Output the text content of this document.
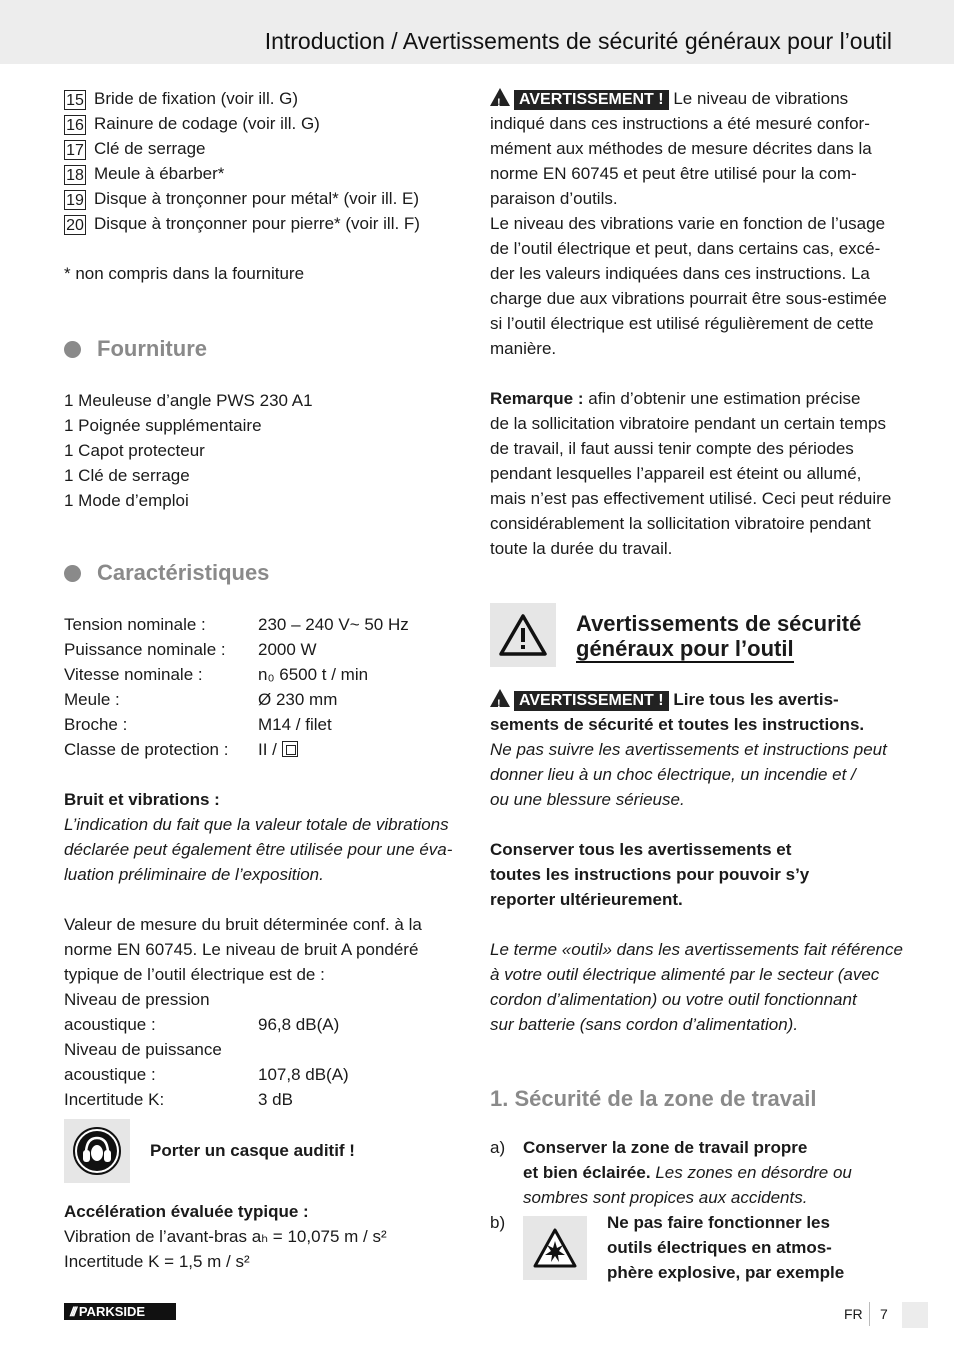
Introduction / Avertissements de sécurité généraux pour l’outil
15 Bride de fixation (voir ill. G)
16 Rainure de codage (voir ill. G)
17 Clé de serrage
18 Meule à ébarber*
19 Disque à tronçonner pour métal* (voir ill. E)
20 Disque à tronçonner pour pierre* (voir ill. F)
* non compris dans la fourniture
Fourniture
1 Meuleuse d’angle PWS 230 A1
1 Poignée supplémentaire
1 Capot protecteur
1 Clé de serrage
1 Mode d’emploi
Caractéristiques
Tension nominale :	230 – 240 V~ 50 Hz
Puissance nominale :	2000 W
Vitesse nominale :	n₀ 6500 t / min
Meule :	Ø 230 mm
Broche :	M14 / filet
Classe de protection :	II /
Bruit et vibrations :
L’indication du fait que la valeur totale de vibrations
déclarée peut également être utilisée pour une éva-
luation préliminaire de l’exposition.
Valeur de mesure du bruit déterminée conf. à la
norme EN 60745. Le niveau de bruit A pondéré
typique de l’outil électrique est de :
Niveau de pression
acoustique :	96,8 dB(A)
Niveau de puissance
acoustique :	107,8 dB(A)
Incertitude K:	3 dB
Porter un casque auditif !
Accélération évaluée typique :
Vibration de l’avant-bras aₕ = 10,075 m / s²
Incertitude K = 1,5 m / s²
!AVERTISSEMENT ! Le niveau de vibrations
indiqué dans ces instructions a été mesuré confor-
mément aux méthodes de mesure décrites dans la
norme EN 60745 et peut être utilisé pour la com-
paraison d’outils.
Le niveau des vibrations varie en fonction de l’usage
de l’outil électrique et peut, dans certains cas, excé-
der les valeurs indiquées dans ces instructions. La
charge due aux vibrations pourrait être sous-estimée
si l’outil électrique est utilisé régulièrement de cette
manière.
Remarque : afin d’obtenir une estimation précise
de la sollicitation vibratoire pendant un certain temps
de travail, il faut aussi tenir compte des périodes
pendant lesquelles l’appareil est éteint ou allumé,
mais n’est pas effectivement utilisé. Ceci peut réduire
considérablement la sollicitation vibratoire pendant
toute la durée du travail.
Avertissements de sécurité
généraux pour l’outil
!AVERTISSEMENT ! Lire tous les avertis-
sements de sécurité et toutes les instructions.
Ne pas suivre les avertissements et instructions peut
donner lieu à un choc électrique, un incendie et /
ou une blessure sérieuse.
Conserver tous les avertissements et
toutes les instructions pour pouvoir s’y
reporter ultérieurement.
Le terme «outil» dans les avertissements fait référence
à votre outil électrique alimenté par le secteur (avec
cordon d’alimentation) ou votre outil fonctionnant
sur batterie (sans cordon d’alimentation).
1. Sécurité de la zone de travail
a)	Conserver la zone de travail propre
et bien éclairée. Les zones en désordre ou
sombres sont propices aux accidents.
b)	Ne pas faire fonctionner les
outils électriques en atmos-
phère explosive, par exemple
/// PARKSIDE	FR 7
